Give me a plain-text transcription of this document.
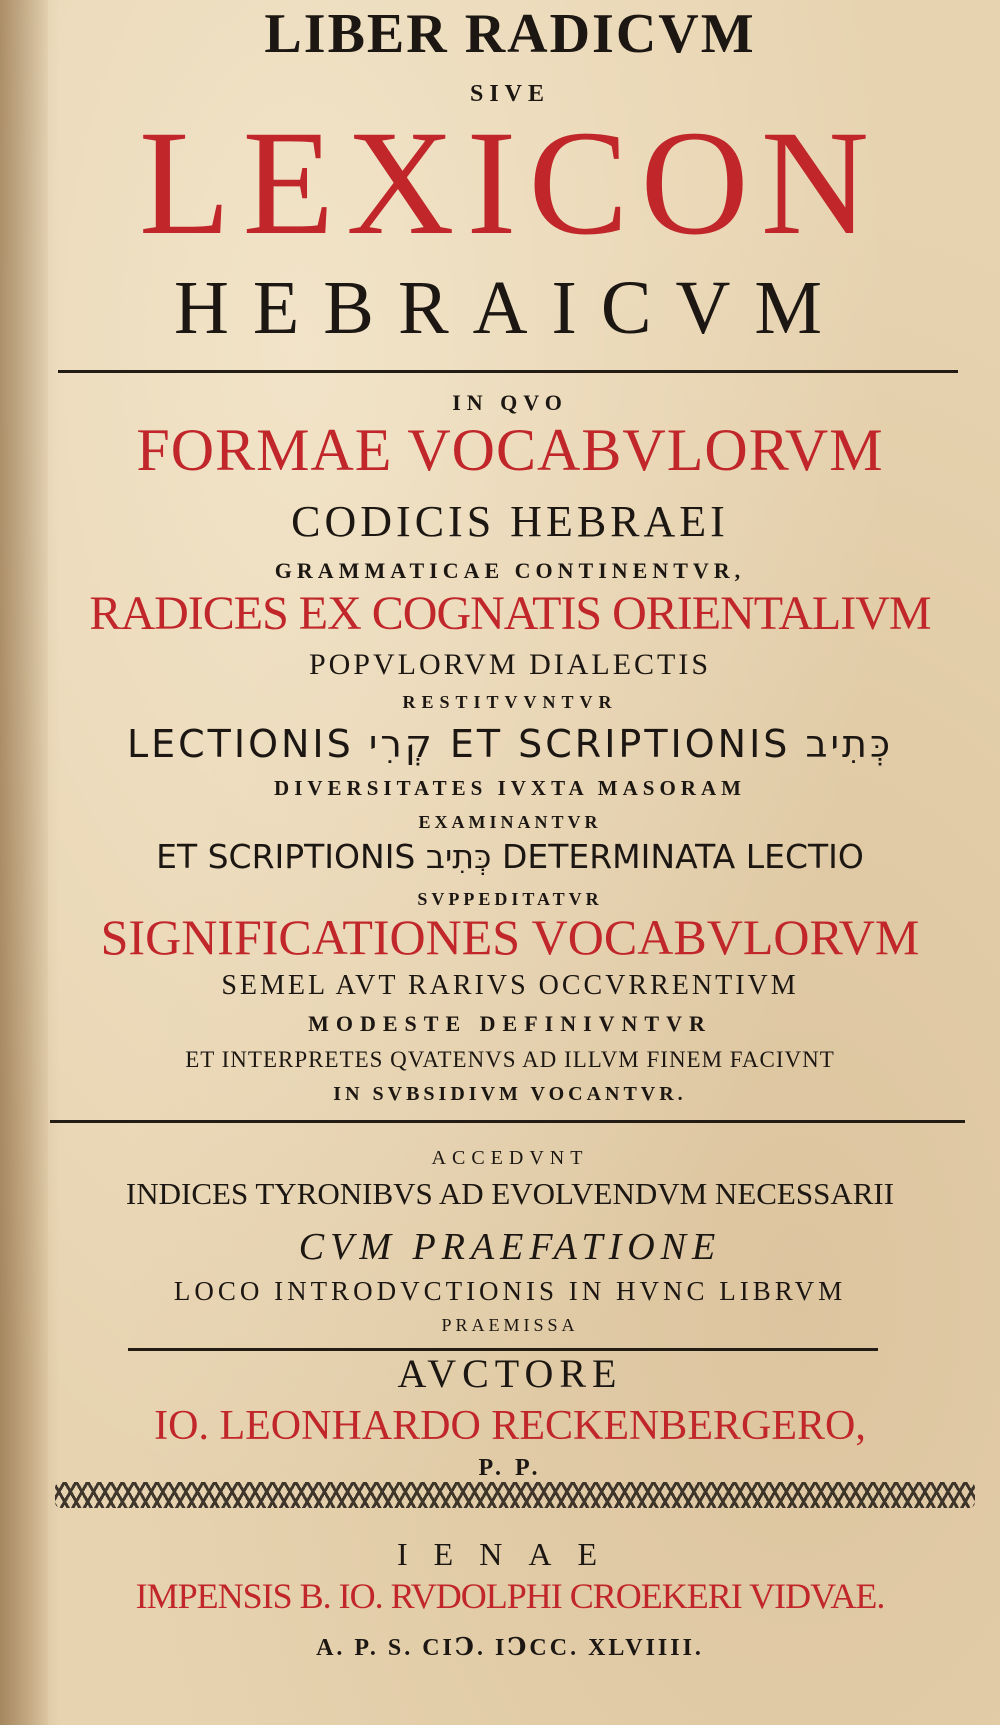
LIBER RADICVM

SIVE

LEXICON

HEBRAICVM

IN QVO

FORMAE VOCABVLORVM

CODICIS HEBRAEI

GRAMMATICAE CONTINENTVR,

RADICES EX COGNATIS ORIENTALIVM

POPVLORVM DIALECTIS

RESTITVVNTVR

LECTIONIS קְרִי ET SCRIPTIONIS כְּתִיב

DIVERSITATES IVXTA MASORAM

EXAMINANTVR

ET SCRIPTIONIS כְּתִיב DETERMINATA LECTIO

SVPPEDITATVR

SIGNIFICATIONES VOCABVLORVM

SEMEL AVT RARIVS OCCVRRENTIVM

MODESTE DEFINIVNTVR

ET INTERPRETES QVATENVS AD ILLVM FINEM FACIVNT

IN SVBSIDIVM VOCANTVR.

ACCEDVNT

INDICES TYRONIBVS AD EVOLVENDVM NECESSARII

CVM PRAEFATIONE

LOCO INTRODVCTIONIS IN HVNC LIBRVM

PRAEMISSA

AVCTORE

IO. LEONHARDO RECKENBERGERO,

P. P.

IENAE

IMPENSIS B. IO. RVDOLPHI CROEKERI VIDVAE.

A. P. S. CIↃ. IↃCC. XLVIIII.
